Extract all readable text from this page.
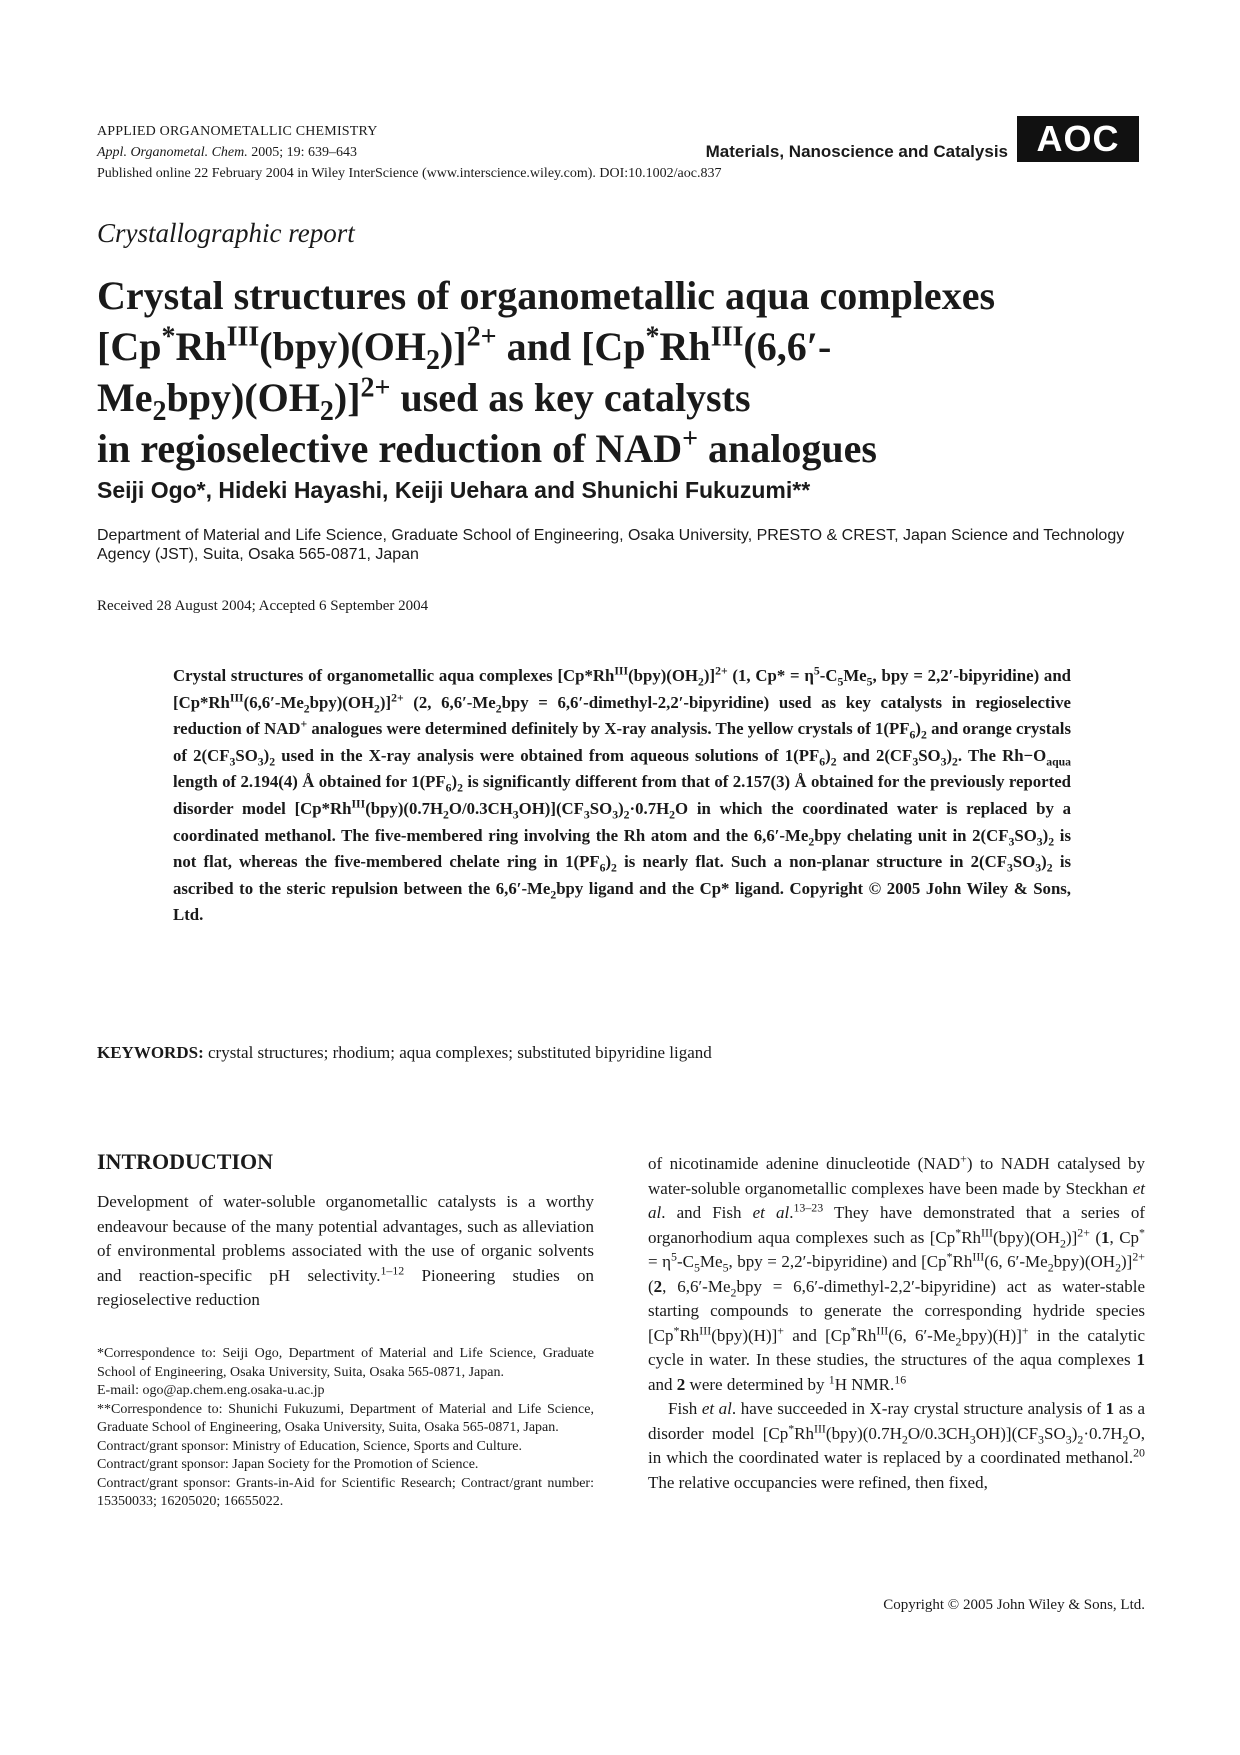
APPLIED ORGANOMETALLIC CHEMISTRY
Appl. Organometal. Chem. 2005; 19: 639–643
Published online 22 February 2004 in Wiley InterScience (www.interscience.wiley.com). DOI:10.1002/aoc.837
Materials, Nanoscience and Catalysis AOC
Crystallographic report
Crystal structures of organometallic aqua complexes $[Cp^*Rh^{III}(bpy)(OH_2)]^{2+}$ and [$Cp^*Rh^{III}(6,6'-$
$Me_2bpy)(OH_2)]^{2+}$ used as key catalysts
in regioselective reduction of NAD+ analogues
Seiji Ogo*, Hideki Hayashi, Keiji Uehara and Shunichi Fukuzumi**
Department of Material and Life Science, Graduate School of Engineering, Osaka University, PRESTO & CREST, Japan Science and Technology Agency (JST), Suita, Osaka 565-0871, Japan
Received 28 August 2004; Accepted 6 September 2004
Crystal structures of organometallic aqua complexes $[Cp*Rh^{III}(bpy)(OH_2)]^{2+}$ (1, $Cp* = \eta^5-C_5Me_5$, bpy = 2,2′-bipyridine) and $[Cp*Rh^{III}(6,6'-Me_2bpy)(OH_2)]^{2+}$ (2, $6,6'-Me_2bpy$ = 6,6′-dimethyl-2,2′-bipyridine) used as key catalysts in regioselective reduction of NAD+ analogues were determined definitely by X-ray analysis. The yellow crystals of $1(PF_6)_2$ and orange crystals of $2(CF_3SO_3)_2$ used in the X-ray analysis were obtained from aqueous solutions of $1(PF_6)_2$ and $2(CF_3SO_3)_2$. The $Rh-O_{aqua}$ length of 2.194(4) Å obtained for $1(PF_6)_2$ is significantly different from that of 2.157(3) Å obtained for the previously reported disorder model $[Cp*Rh^{III}(bpy)(0.7H_2O/0.3CH_3OH)](CF_3SO_3)_2\cdot 0.7H_2O$ in which the coordinated water is replaced by a coordinated methanol. The five-membered ring involving the Rh atom and the $6,6'-Me_2bpy$ chelating unit in $2(CF_3SO_3)_2$ is not flat, whereas the five-membered chelate ring in $1(PF_6)_2$ is nearly flat. Such a non-planar structure in $2(CF_3SO_3)_2$ is ascribed to the steric repulsion between the $6,6'-Me_2bpy$ ligand and the Cp* ligand. Copyright © 2005 John Wiley & Sons, Ltd.
KEYWORDS: crystal structures; rhodium; aqua complexes; substituted bipyridine ligand
INTRODUCTION
Development of water-soluble organometallic catalysts is a worthy endeavour because of the many potential advantages, such as alleviation of environmental problems associated with the use of organic solvents and reaction-specific pH selectivity.$^{1-12}$ Pioneering studies on regioselective reduction

*Correspondence to: Seiji Ogo, Department of Material and Life Science, Graduate School of Engineering, Osaka University, Suita, Osaka 565-0871, Japan.

E-mail: ogo@ap.chem.eng.osaka-u.ac.jp

**Correspondence to: Shunichi Fukuzumi, Department of Material and Life Science, Graduate School of Engineering, Osaka University, Suita, Osaka 565-0871, Japan.

Contract/grant sponsor: Ministry of Education, Science, Sports and Culture.

Contract/grant sponsor: Japan Society for the Promotion of Science.

Contract/grant sponsor: Grants-in-Aid for Scientific Research; Contract/grant number: 15350033; 16205020; 16655022.

of nicotinamide adenine dinucleotide (NAD+) to NADH catalysed by water-soluble organometallic complexes have been made by Steckhan et al. and Fish et al.$^{13-23}$ They have demonstrated that a series of organorhodium aqua complexes such as $[Cp^*Rh^{III}(bpy)(OH_2)]^{2+}$ (1, $Cp^* = \eta^5-C_5Me_5$, bpy = 2,2′-bipyridine) and [$Cp^*Rh^{III}(6$, $6'-Me_2bpy)(OH_2)]^{2+}$ (2, $6,6'-Me_2bpy$ = 6,6′-dimethyl-2,2′-bipyridine) act as water-stable starting compounds to generate the corresponding hydride species $[Cp^*Rh^{III}(bpy)(H)]^+$ and [$Cp^*Rh^{III}(6$, $6'-Me_2bpy)(H)]^+$ in the catalytic cycle in water. In these studies, the structures of the aqua complexes 1 and 2 were determined by $^1$H NMR.$^{16}$

Fish et al. have succeeded in X-ray crystal structure analysis of 1 as a disorder model $[Cp^*Rh^{III}(bpy)(0.7H_2O/0.3CH_3OH)](CF_3SO_3)_2\cdot 0.7H_2O$, in which the coordinated water is replaced by a coordinated methanol.$^{20}$ The relative occupancies were refined, then fixed,

Copyright © 2005 John Wiley & Sons, Ltd.
